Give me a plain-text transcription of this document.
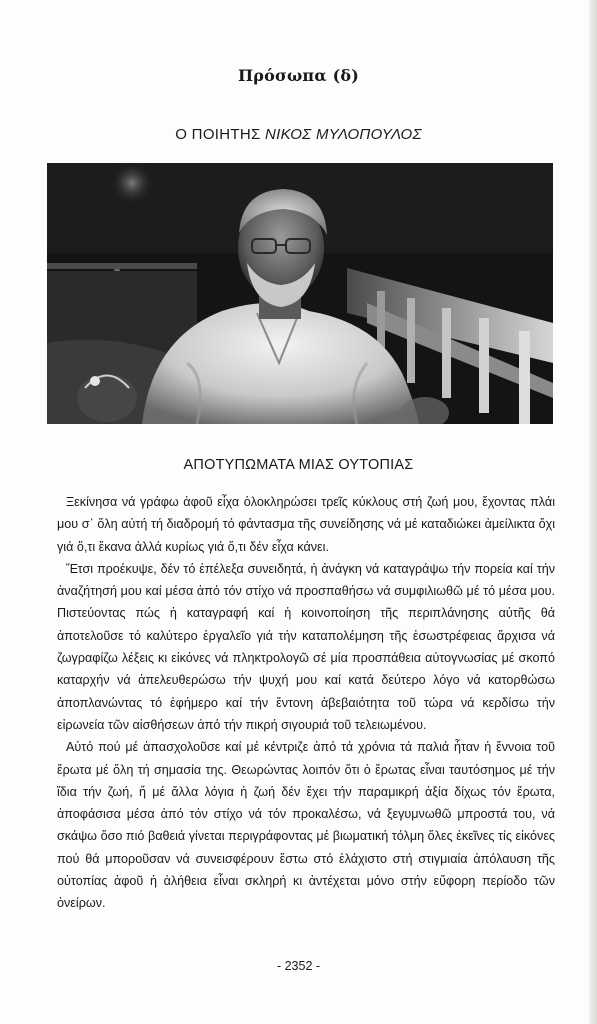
Πρόσωπα (δ)
Ο ΠΟΙΗΤΗΣ ΝΙΚΟΣ ΜΥΛΟΠΟΥΛΟΣ
ΑΠΟΤΥΠΩΜΑΤΑ ΜΙΑΣ ΟΥΤΟΠΙΑΣ

Ξεκίνησα νά γράφω ἀφοῦ εἶχα ὁλοκληρώσει τρεῖς κύκλους στή ζωή μου, ἔχοντας πλάι μου σ᾽ ὅλη αὐτή τή διαδρομή τό φάντασμα τῆς συνείδησης νά μέ καταδιώκει ἀμείλικτα ὄχι γιά ὅ,τι ἔκανα ἀλλά κυρίως γιά ὅ,τι δέν εἶχα κάνει.

Ἔτσι προέκυψε, δέν τό ἐπέλεξα συνειδητά, ἡ ἀνάγκη νά καταγράψω τήν πορεία καί τήν ἀναζήτησή μου καί μέσα ἀπό τόν στίχο νά προσπαθήσω νά συμφιλιωθῶ μέ τό μέσα μου. Πιστεύοντας πώς ἡ καταγραφή καί ἡ κοινοποίηση τῆς περιπλάνησης αὐτῆς θά ἀποτελοῦσε τό καλύτερο ἐργαλεῖο γιά τήν καταπολέμηση τῆς ἐσωστρέφειας ἄρχισα νά ζωγραφίζω λέξεις κι εἰκόνες νά πληκτρολογῶ σέ μία προσπάθεια αὐτογνωσίας μέ σκοπό καταρχήν νά ἀπελευθερώσω τήν ψυχή μου καί κατά δεύτερο λόγο νά κατορθώσω ἀποπλανώντας τό ἐφήμερο καί τήν ἔντονη ἀβεβαιότητα τοῦ τώρα νά κερδίσω τήν εἰρωνεία τῶν αἰσθήσεων ἀπό τήν πικρή σιγουριά τοῦ τελειωμένου.

Αὐτό πού μέ ἀπασχολοῦσε καί μέ κέντριζε ἀπό τά χρόνια τά παλιά ἦταν ἡ ἔννοια τοῦ ἔρωτα μέ ὅλη τή σημασία της. Θεωρώντας λοιπόν ὅτι ὁ ἔρωτας εἶναι ταυτόσημος μέ τήν ἴδια τήν ζωή, ἤ μέ ἄλλα λόγια ἡ ζωή δέν ἔχει τήν παραμικρή ἀξία δίχως τόν ἔρωτα, ἀποφάσισα μέσα ἀπό τόν στίχο νά τόν προκαλέσω, νά ξεγυμνωθῶ μπροστά του, νά σκάψω ὅσο πιό βαθειά γίνεται περιγράφοντας μέ βιωματική τόλμη ὅλες ἐκεῖνες τίς εἰκόνες πού θά μποροῦσαν νά συνεισφέρουν ἔστω στό ἐλάχιστο στή στιγμιαία ἀπόλαυση τῆς οὐτοπίας ἀφοῦ ἡ ἀλήθεια εἶναι σκληρή κι ἀντέχεται μόνο στήν εὔφορη περίοδο τῶν ὀνείρων.

- 2352 -
